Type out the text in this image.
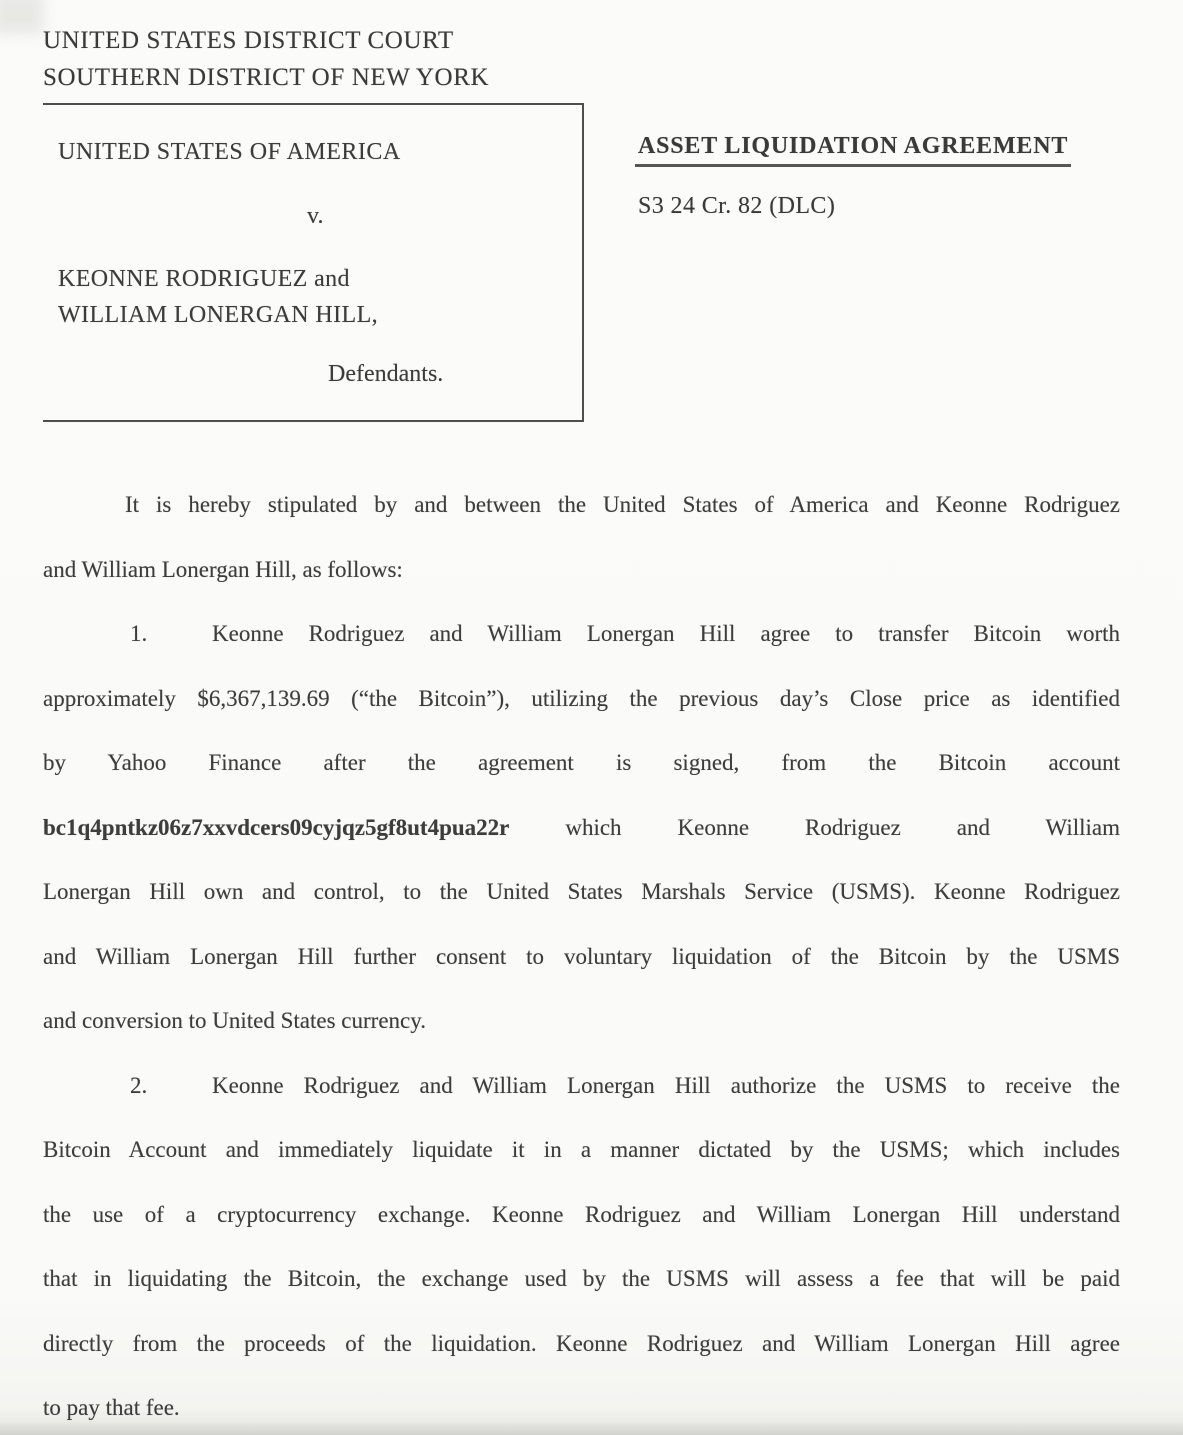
UNITED STATES DISTRICT COURT
SOUTHERN DISTRICT OF NEW YORK
UNITED STATES OF AMERICA
v.
KEONNE RODRIGUEZ and
WILLIAM LONERGAN HILL,
Defendants.
ASSET LIQUIDATION AGREEMENT
S3 24 Cr. 82 (DLC)
It is hereby stipulated by and between the United States of America and Keonne Rodriguez
and William Lonergan Hill, as follows:
1.	Keonne Rodriguez and William Lonergan Hill agree to transfer Bitcoin worth
approximately $6,367,139.69 (“the Bitcoin”), utilizing the previous day’s Close price as identified
by Yahoo Finance after the agreement is signed, from the Bitcoin account
bc1q4pntkz06z7xxvdcers09cyjqz5gf8ut4pua22r which Keonne Rodriguez and William
Lonergan Hill own and control, to the United States Marshals Service (USMS). Keonne Rodriguez
and William Lonergan Hill further consent to voluntary liquidation of the Bitcoin by the USMS
and conversion to United States currency.
2.	Keonne Rodriguez and William Lonergan Hill authorize the USMS to receive the
Bitcoin Account and immediately liquidate it in a manner dictated by the USMS; which includes
the use of a cryptocurrency exchange. Keonne Rodriguez and William Lonergan Hill understand
that in liquidating the Bitcoin, the exchange used by the USMS will assess a fee that will be paid
directly from the proceeds of the liquidation. Keonne Rodriguez and William Lonergan Hill agree
to pay that fee.
